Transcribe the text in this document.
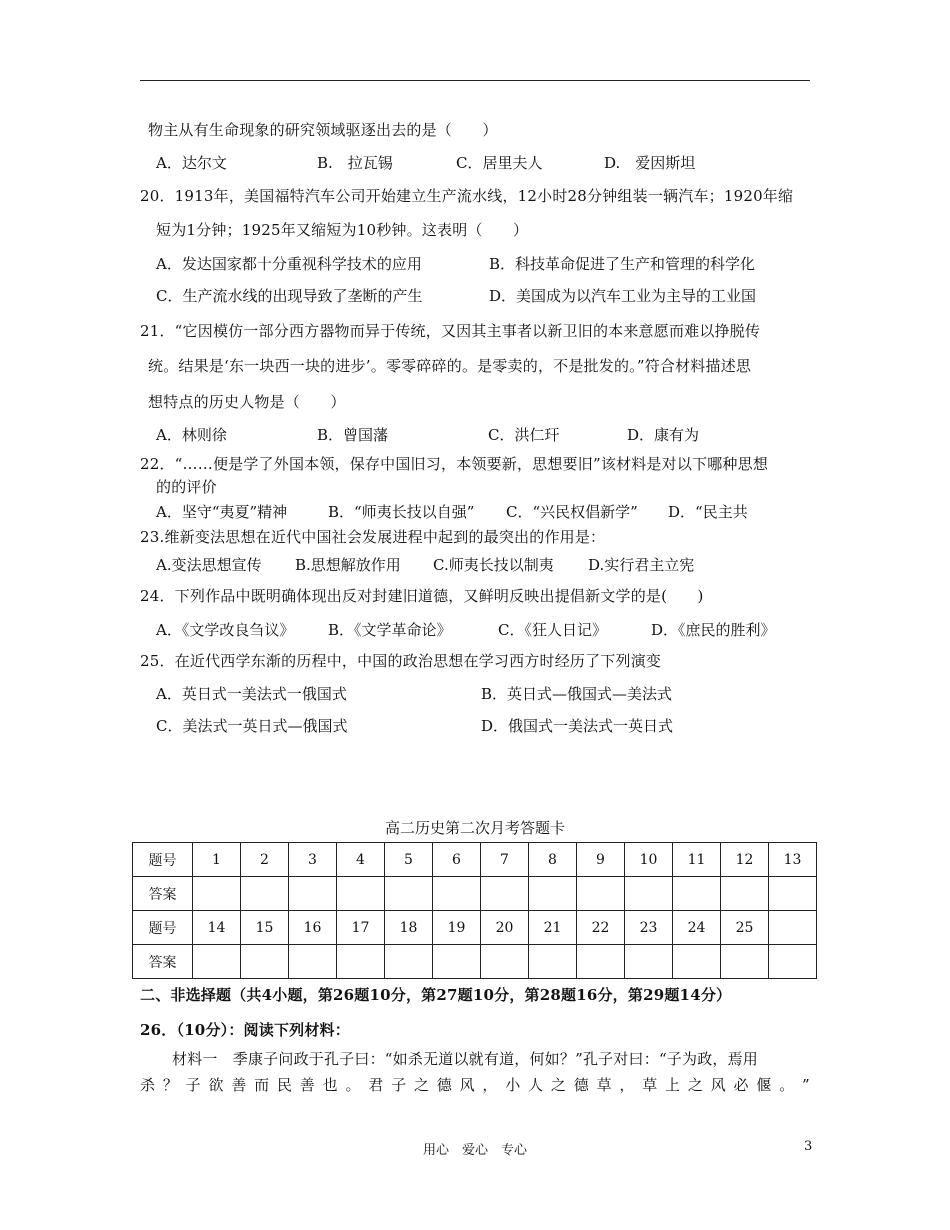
物主从有生命现象的研究领域驱逐出去的是（　　）
A．达尔文	B.　拉瓦锡	C．居里夫人	D.　爱因斯坦
20．1913年，美国福特汽车公司开始建立生产流水线，12小时28分钟组装一辆汽车；1920年缩
短为1分钟；1925年又缩短为10秒钟。这表明（　　）
A．发达国家都十分重视科学技术的应用	B．科技革命促进了生产和管理的科学化
C．生产流水线的出现导致了垄断的产生	D．美国成为以汽车工业为主导的工业国
21．“它因模仿一部分西方器物而异于传统，又因其主事者以新卫旧的本来意愿而难以挣脱传
统。结果是‘东一块西一块的进步’。零零碎碎的。是零卖的，不是批发的。”符合材料描述思
想特点的历史人物是（　　）
A．林则徐	B．曾国藩	C．洪仁玕	D．康有为
22．“……便是学了外国本领，保存中国旧习，本领要新，思想要旧”该材料是对以下哪种思想
的的评价
A．坚守“夷夏”精神	B．“师夷长技以自强” C．“兴民权倡新学” D．“民主共
23.维新变法思想在近代中国社会发展进程中起到的最突出的作用是：
A.变法思想宣传 B.思想解放作用 C.师夷长技以制夷 D.实行君主立宪
24．下列作品中既明确体现出反对封建旧道德，又鲜明反映出提倡新文学的是(　　)
A．《文学改良刍议》 B．《文学革命论》	C．《狂人日记》	D．《庶民的胜利》
25．在近代西学东渐的历程中，中国的政治思想在学习西方时经历了下列演变
A．英日式一美法式一俄国式	B．英日式—俄国式—美法式
C．美法式一英日式—俄国式	D．俄国式一美法式一英日式
高二历史第二次月考答题卡
题号	1	2	3	4	5	6	7	8	9	10	11	12	13
答案													
题号	14	15	16	17	18	19	20	21	22	23	24	25	
答案													
二、非选择题（共4小题，第26题10分，第27题10分，第28题16分，第29题14分）
26．（10分）：阅读下列材料：
材料一　季康子问政于孔子曰：“如杀无道以就有道，何如？”孔子对曰：“子为政，焉用
杀 ？ 子 欲 善 而 民 善 也 。 君 子 之 德 风 ， 小 人 之 德 草 ， 草 上 之 风 必 偃 。 ”
用心　爱心　专心	3
